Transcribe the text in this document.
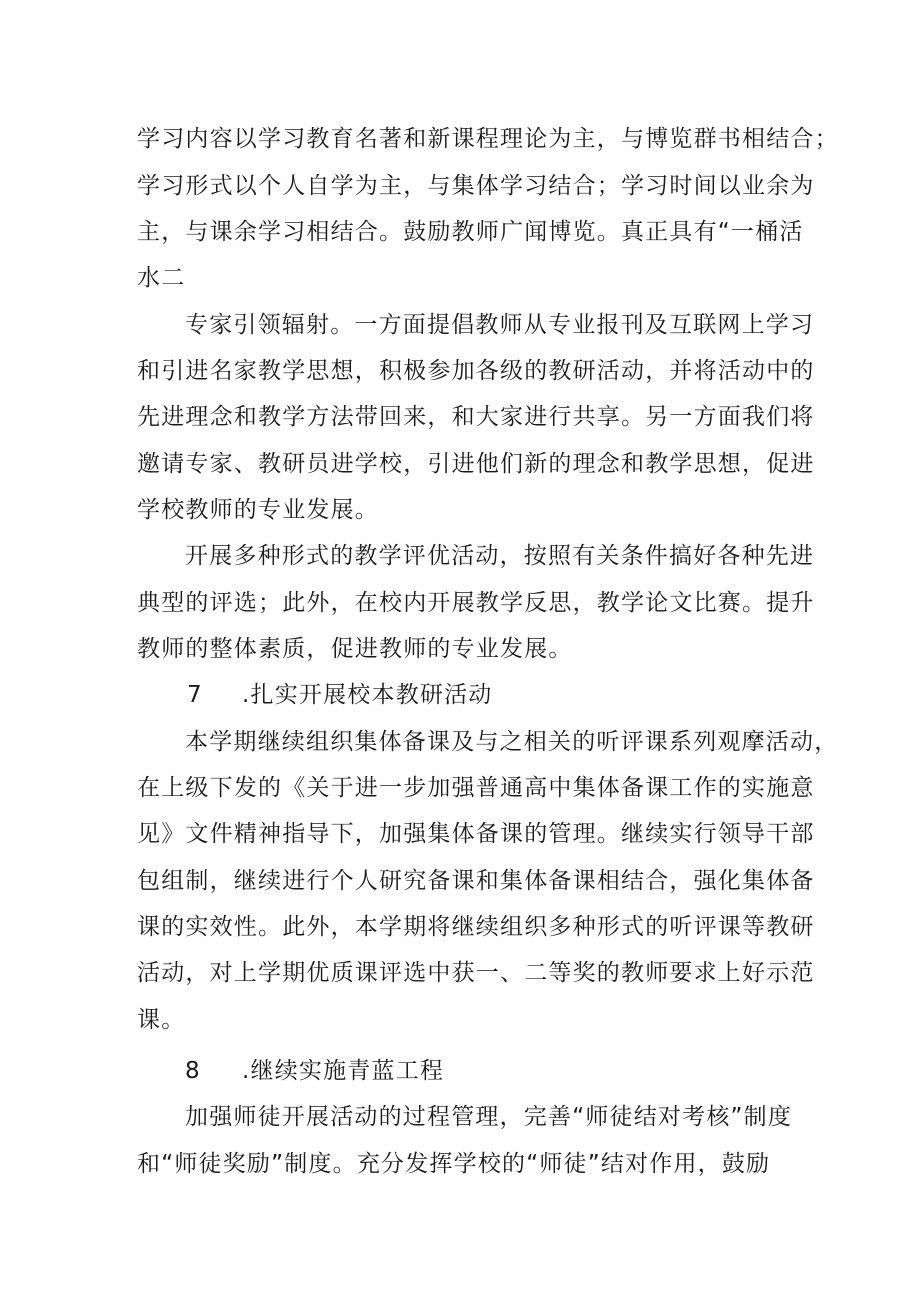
学习内容以学习教育名著和新课程理论为主，与博览群书相结合；
学习形式以个人自学为主，与集体学习结合；学习时间以业余为
主，与课余学习相结合。鼓励教师广闻博览。真正具有“一桶活
水二
专家引领辐射。一方面提倡教师从专业报刊及互联网上学习
和引进名家教学思想，积极参加各级的教研活动，并将活动中的
先进理念和教学方法带回来，和大家进行共享。另一方面我们将
邀请专家、教研员进学校，引进他们新的理念和教学思想，促进
学校教师的专业发展。
开展多种形式的教学评优活动，按照有关条件搞好各种先进
典型的评选；此外，在校内开展教学反思，教学论文比赛。提升
教师的整体素质，促进教师的专业发展。
7 .扎实开展校本教研活动
本学期继续组织集体备课及与之相关的听评课系列观摩活动，
在上级下发的《关于进一步加强普通高中集体备课工作的实施意
见》文件精神指导下，加强集体备课的管理。继续实行领导干部
包组制，继续进行个人研究备课和集体备课相结合，强化集体备
课的实效性。此外，本学期将继续组织多种形式的听评课等教研
活动，对上学期优质课评选中获一、二等奖的教师要求上好示范
课。
8 .继续实施青蓝工程
加强师徒开展活动的过程管理，完善“师徒结对考核”制度
和“师徒奖励”制度。充分发挥学校的“师徒”结对作用，鼓励
